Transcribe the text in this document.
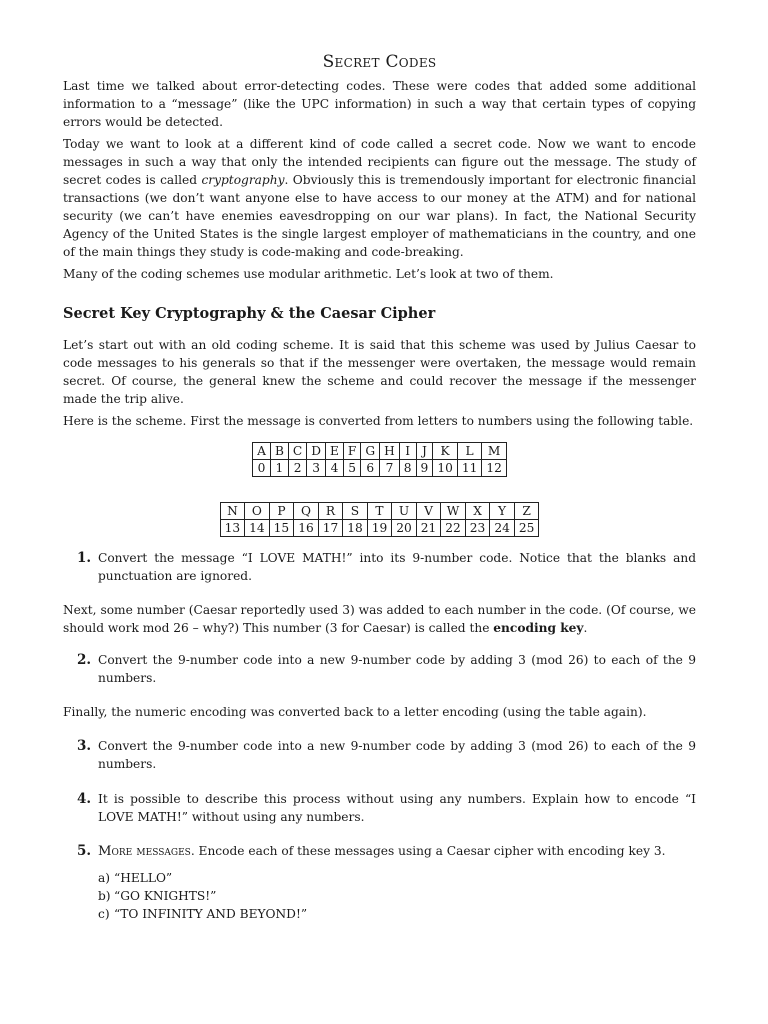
Secret Codes

Last time we talked about error-detecting codes. These were codes that added some additional information to a “message” (like the UPC information) in such a way that certain types of copying errors would be detected.

Today we want to look at a different kind of code called a secret code. Now we want to encode messages in such a way that only the intended recipients can figure out the message. The study of secret codes is called cryptography. Obviously this is tremendously important for electronic financial transactions (we don’t want anyone else to have access to our money at the ATM) and for national security (we can’t have enemies eavesdropping on our war plans). In fact, the National Security Agency of the United States is the single largest employer of mathematicians in the country, and one of the main things they study is code-making and code-breaking.

Many of the coding schemes use modular arithmetic. Let’s look at two of them.

Secret Key Cryptography & the Caesar Cipher

Let’s start out with an old coding scheme. It is said that this scheme was used by Julius Caesar to code messages to his generals so that if the messenger were overtaken, the message would remain secret. Of course, the general knew the scheme and could recover the message if the messenger made the trip alive.

Here is the scheme. First the message is converted from letters to numbers using the following table.

A	B	C	D	E	F	G	H	I	J	K	L	M
0	1	2	3	4	5	6	7	8	9	10	11	12
N	O	P	Q	R	S	T	U	V	W	X	Y	Z
13	14	15	16	17	18	19	20	21	22	23	24	25
1. Convert the message “I LOVE MATH!” into its 9-number code. Notice that the blanks and punctuation are ignored.

Next, some number (Caesar reportedly used 3) was added to each number in the code. (Of course, we should work mod 26 – why?) This number (3 for Caesar) is called the encoding key.

2. Convert the 9-number code into a new 9-number code by adding 3 (mod 26) to each of the 9 numbers.

Finally, the numeric encoding was converted back to a letter encoding (using the table again).

3. Convert the 9-number code into a new 9-number code by adding 3 (mod 26) to each of the 9 numbers.
4. It is possible to describe this process without using any numbers. Explain how to encode “I LOVE MATH!” without using any numbers.
5. More messages. Encode each of these messages using a Caesar cipher with encoding key 3.
a) “HELLO”
b) “GO KNIGHTS!”
c) “TO INFINITY AND BEYOND!”
